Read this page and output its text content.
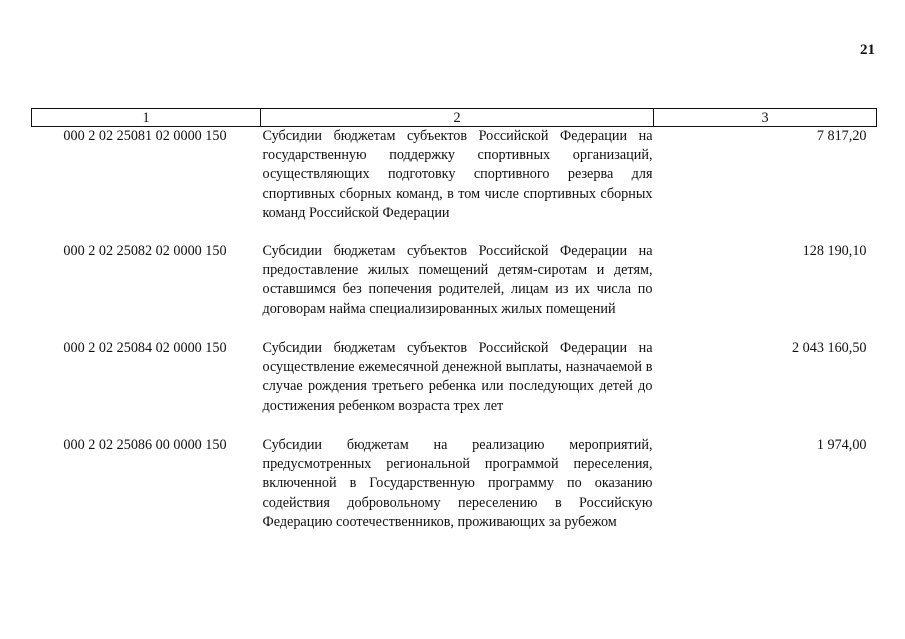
21
1	2	3
000 2 02 25081 02 0000 150	Субсидии бюджетам субъектов Российской Федерации на государственную поддержку спортивных организаций, осуществляющих подготовку спортивного резерва для спортивных сборных команд, в том числе спортивных сборных команд Российской Федерации	7 817,20
000 2 02 25082 02 0000 150	Субсидии бюджетам субъектов Российской Федерации на предоставление жилых помещений детям-сиротам и детям, оставшимся без попечения родителей, лицам из их числа по договорам найма специализированных жилых помещений	128 190,10
000 2 02 25084 02 0000 150	Субсидии бюджетам субъектов Российской Федерации на осуществление ежемесячной денежной выплаты, назначаемой в случае рождения третьего ребенка или последующих детей до достижения ребенком возраста трех лет	2 043 160,50
000 2 02 25086 00 0000 150	Субсидии бюджетам на реализацию мероприятий, предусмотренных региональной программой переселения, включенной в Государственную программу по оказанию содействия добровольному переселению в Российскую Федерацию соотечественников, проживающих за рубежом	1 974,00
